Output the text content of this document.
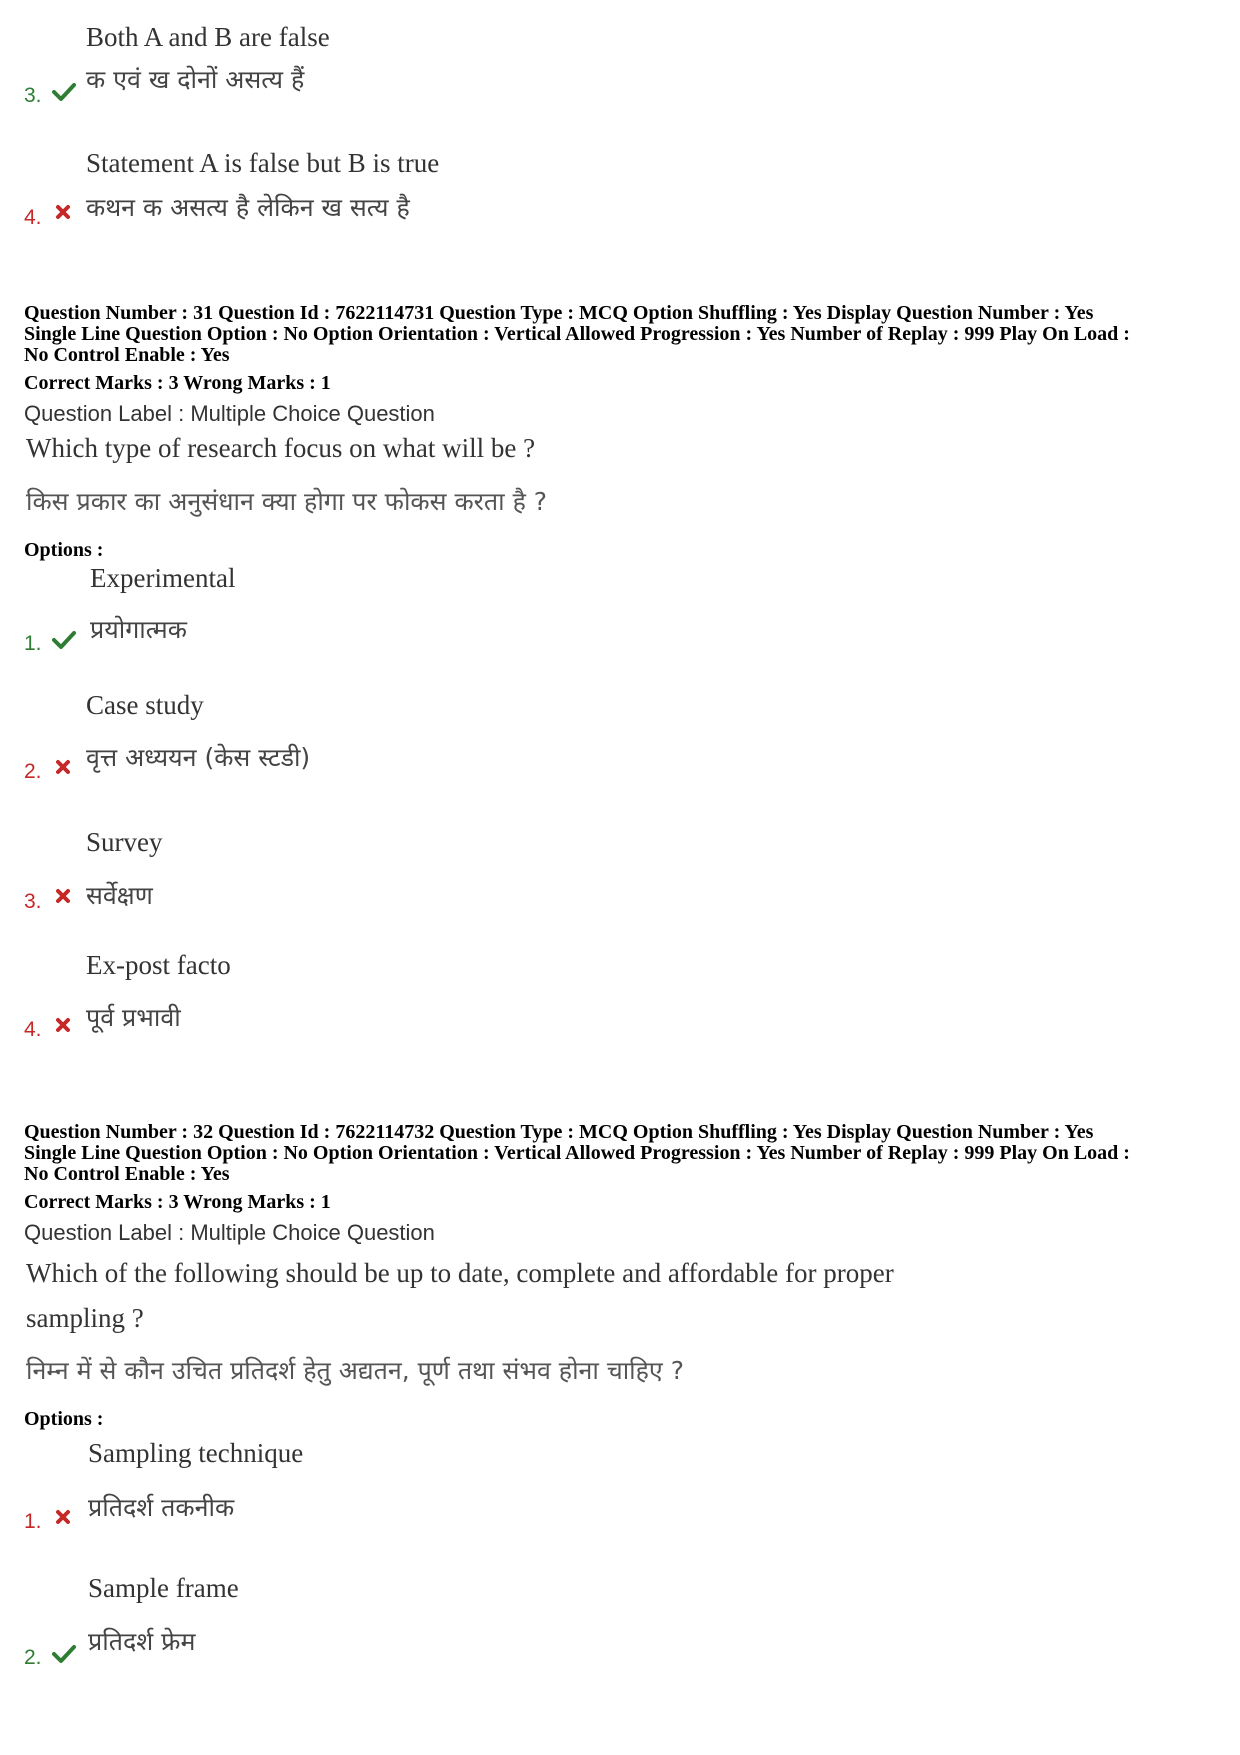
Both A and B are false
क एवं ख दोनों असत्य हैं
3.
Statement A is false but B is true
कथन क असत्य है लेकिन ख सत्य है
4.
Question Number : 31 Question Id : 7622114731 Question Type : MCQ Option Shuffling : Yes Display Question Number : Yes
Single Line Question Option : No Option Orientation : Vertical Allowed Progression : Yes Number of Replay : 999 Play On Load :
No Control Enable : Yes
Correct Marks : 3 Wrong Marks : 1
Question Label : Multiple Choice Question
Which type of research focus on what will be ?
किस प्रकार का अनुसंधान क्या होगा पर फोकस करता है ?
Options :
Experimental
प्रयोगात्मक
1.
Case study
वृत्त अध्ययन (केस स्टडी)
2.
Survey
सर्वेक्षण
3.
Ex-post facto
पूर्व प्रभावी
4.
Question Number : 32 Question Id : 7622114732 Question Type : MCQ Option Shuffling : Yes Display Question Number : Yes
Single Line Question Option : No Option Orientation : Vertical Allowed Progression : Yes Number of Replay : 999 Play On Load :
No Control Enable : Yes
Correct Marks : 3 Wrong Marks : 1
Question Label : Multiple Choice Question
Which of the following should be up to date, complete and affordable for proper
sampling ?
निम्न में से कौन उचित प्रतिदर्श हेतु अद्यतन, पूर्ण तथा संभव होना चाहिए ?
Options :
Sampling technique
प्रतिदर्श तकनीक
1.
Sample frame
प्रतिदर्श फ्रेम
2.
